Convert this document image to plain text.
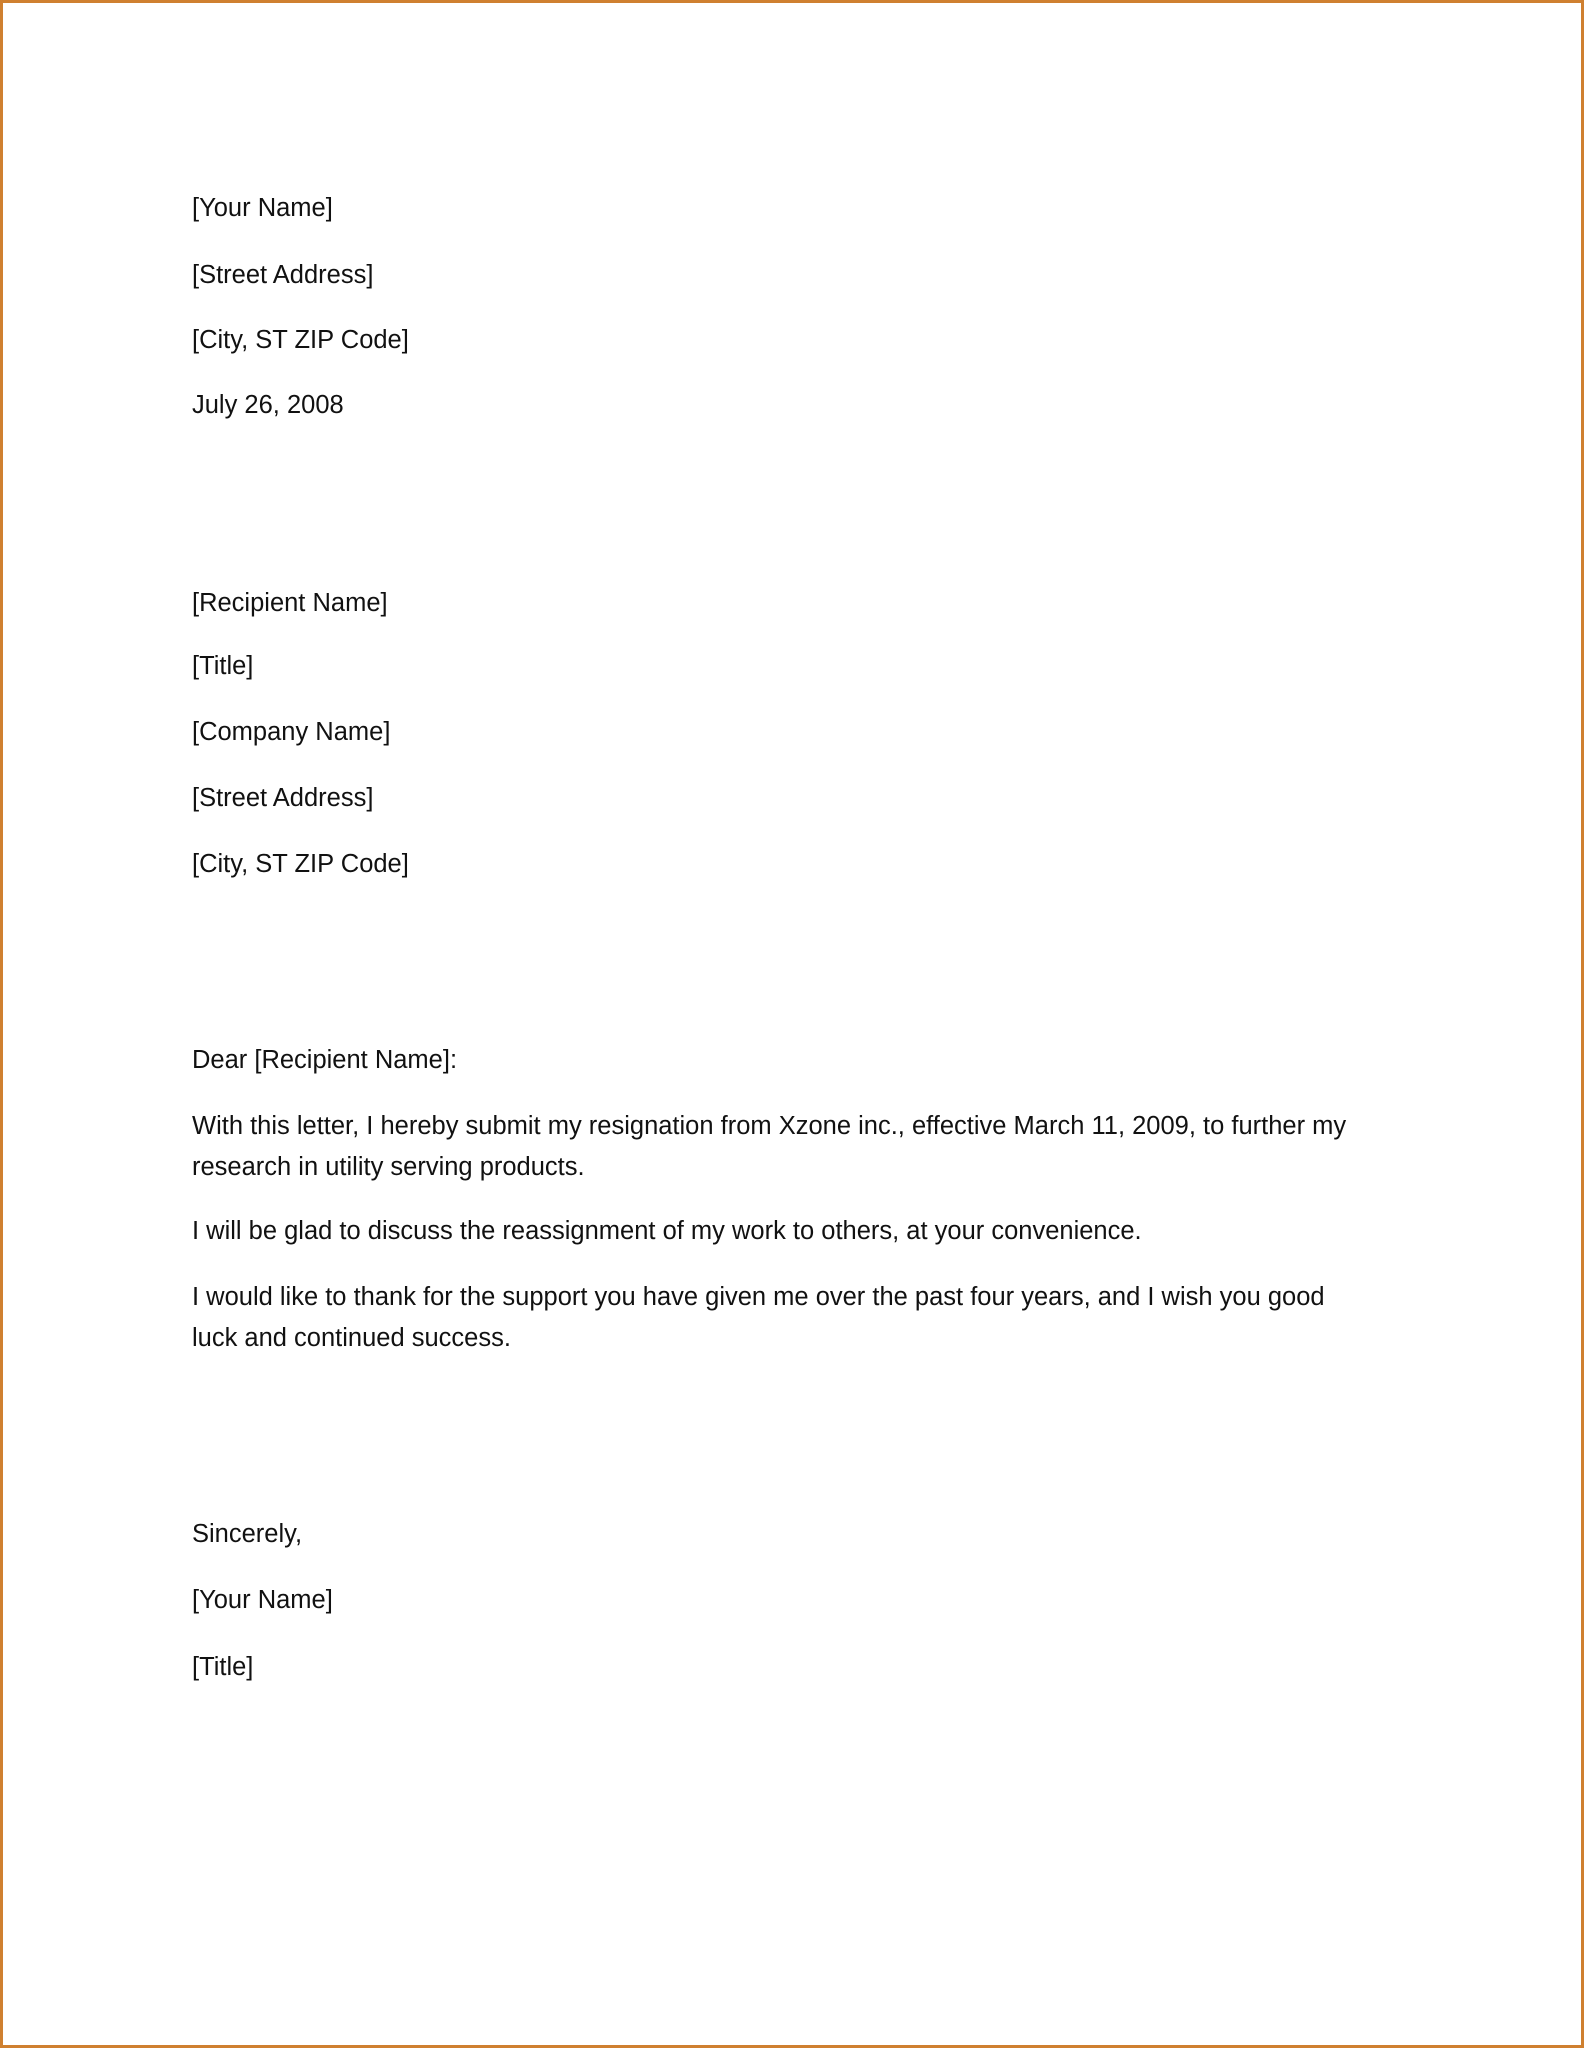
[Your Name]
[Street Address]
[City, ST ZIP Code]
July 26, 2008
[Recipient Name]
[Title]
[Company Name]
[Street Address]
[City, ST ZIP Code]
Dear [Recipient Name]:
With this letter, I hereby submit my resignation from Xzone inc., effective March 11, 2009, to further my
research in utility serving products.
I will be glad to discuss the reassignment of my work to others, at your convenience.
I would like to thank for the support you have given me over the past four years, and I wish you good
luck and continued success.
Sincerely,
[Your Name]
[Title]
